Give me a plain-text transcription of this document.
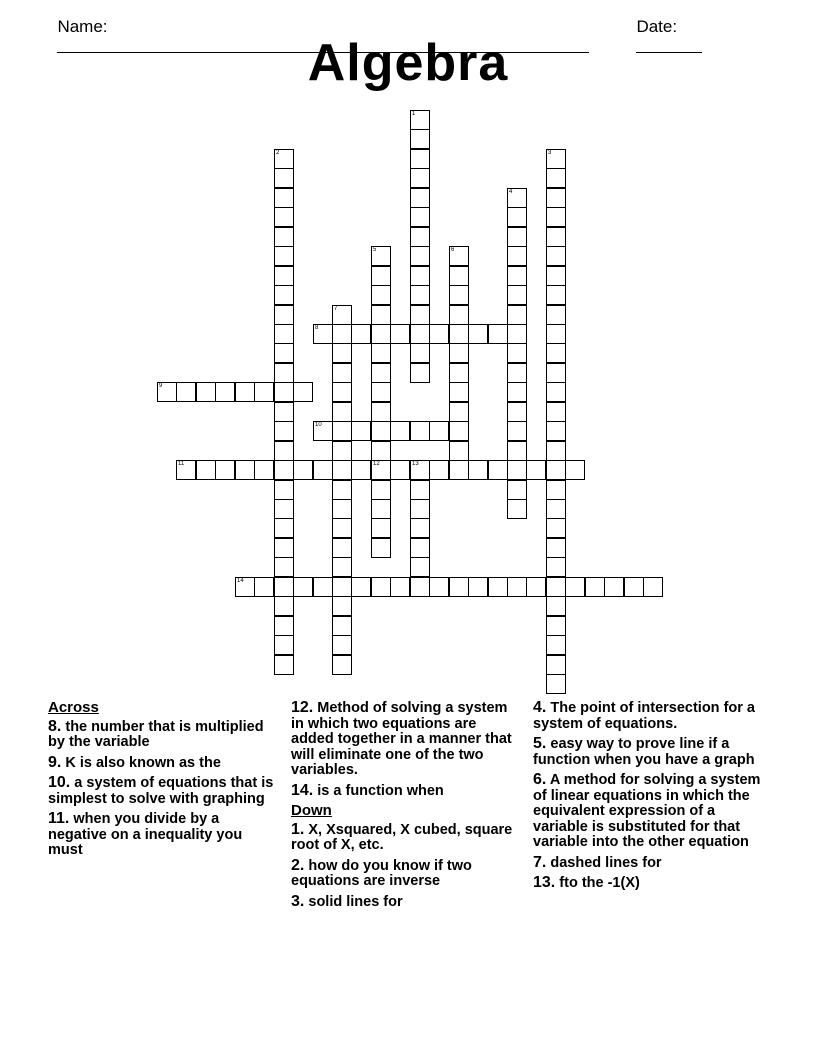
Name:
	Date:

Algebra
1
2	3
4
5
12
6
7
8
9
10
11	13
14
Across
8. the number that is multiplied by the variable
9. K is also known as the
10. a system of equations that is simplest to solve with graphing
11. when you divide by a negative on a inequality you must
12. Method of solving a system in which two equations are added together in a manner that will eliminate one of the two variables.
14. is a function when
Down
1. X, Xsquared, X cubed, square root of X, etc.
2. how do you know if two equations are inverse
3. solid lines for
4. The point of intersection for a system of equations.
5. easy way to prove line if a function when you have a graph
6. A method for solving a system of linear equations in which the equivalent expression of a variable is substituted for that variable into the other equation
7. dashed lines for
13. fto the -1(X)
